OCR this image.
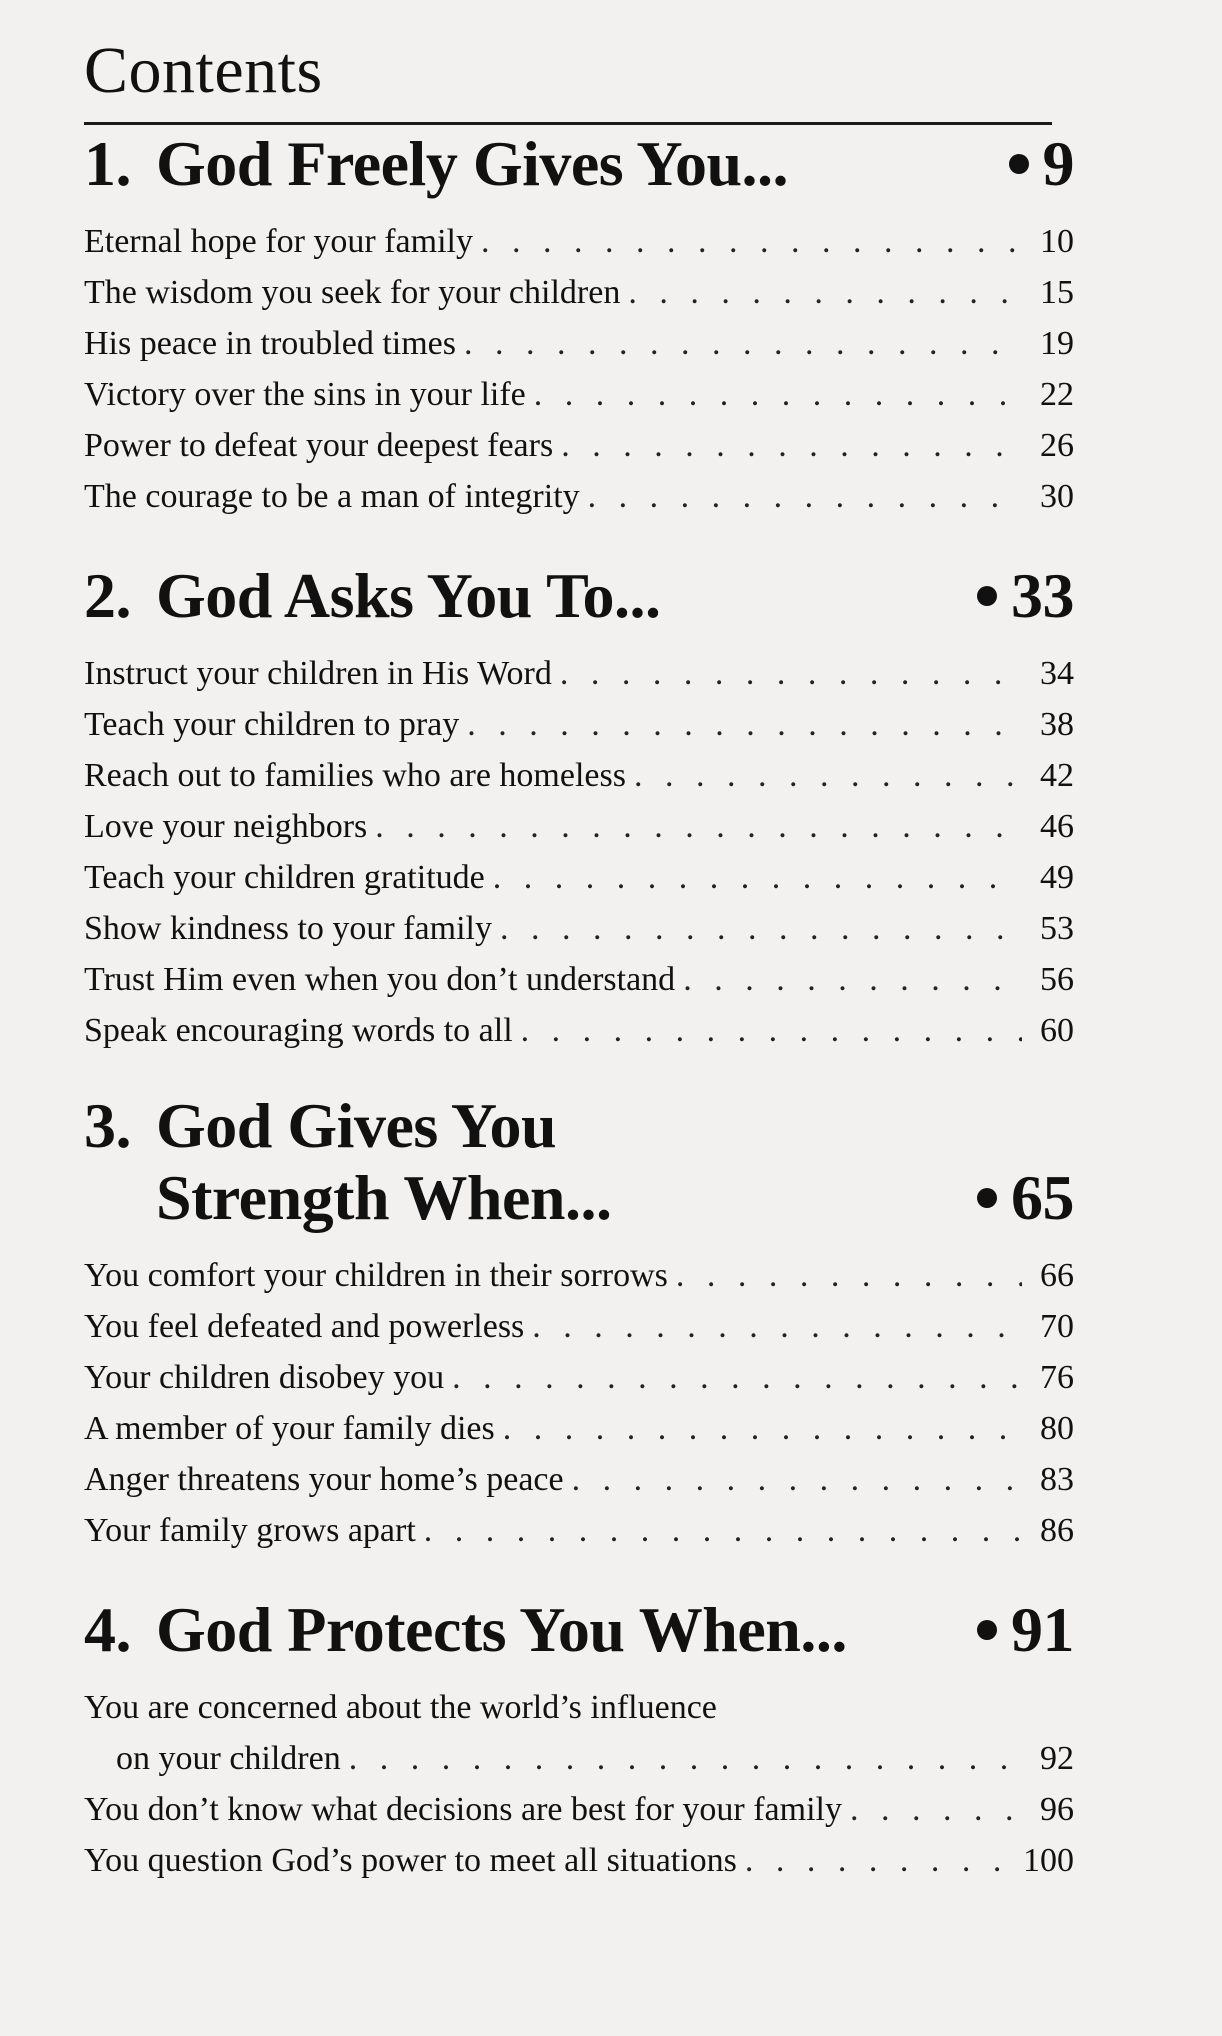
Contents
1. God Freely Gives You...	9
Eternal hope for your family . . .	10
The wisdom you seek for your children . . .	15
His peace in troubled times . . .	19
Victory over the sins in your life . . .	22
Power to defeat your deepest fears . . .	26
The courage to be a man of integrity . . .	30
2. God Asks You To...	33
Instruct your children in His Word . . .	34
Teach your children to pray . . .	38
Reach out to families who are homeless . . .	42
Love your neighbors . . .	46
Teach your children gratitude . . .	49
Show kindness to your family . . .	53
Trust Him even when you don’t understand . . .	56
Speak encouraging words to all . . .	60
3. God Gives You
Strength When...	65
You comfort your children in their sorrows . . .	66
You feel defeated and powerless . . .	70
Your children disobey you . . .	76
A member of your family dies . . .	80
Anger threatens your home’s peace . . .	83
Your family grows apart . . .	86
4. God Protects You When...	91
You are concerned about the world’s influence
on your children . . .	92
You don’t know what decisions are best for your family . . .	96
You question God’s power to meet all situations . . .	100
